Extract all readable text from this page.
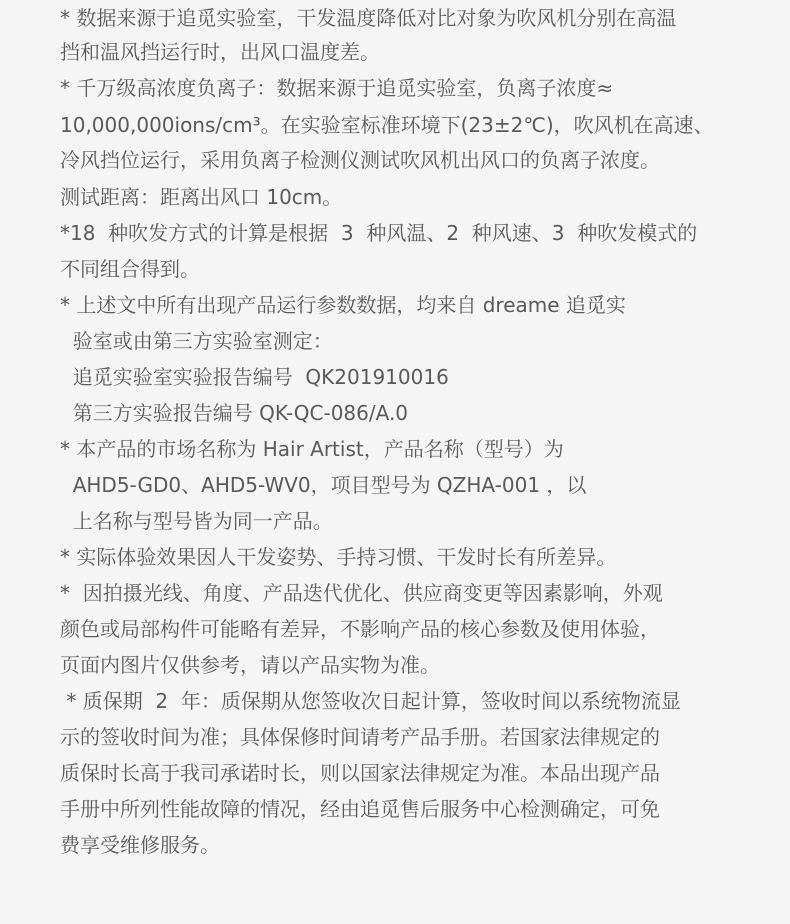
* 数据来源于追觅实验室，干发温度降低对比对象为吹风机分别在高温
挡和温风挡运行时，出风口温度差。
* 千万级高浓度负离子：数据来源于追觅实验室，负离子浓度≈
10,000,000ions/cm³。在实验室标准环境下(23±2℃)，吹风机在高速、
冷风挡位运行，采用负离子检测仪测试吹风机出风口的负离子浓度。
测试距离：距离出风口 10cm。
*18  种吹发方式的计算是根据  3  种风温、2  种风速、3  种吹发模式的
不同组合得到。
* 上述文中所有出现产品运行参数数据，均来自 dreame 追觅实
验室或由第三方实验室测定：
追觅实验室实验报告编号  QK201910016
第三方实验报告编号 QK-QC-086/A.0
* 本产品的市场名称为 Hair Artist，产品名称（型号）为
AHD5-GD0、AHD5-WV0，项目型号为 QZHA-001 ，以
上名称与型号皆为同一产品。
* 实际体验效果因人干发姿势、手持习惯、干发时长有所差异。
*  因拍摄光线、角度、产品迭代优化、供应商变更等因素影响，外观
颜色或局部构件可能略有差异，不影响产品的核心参数及使用体验，
页面内图片仅供参考，请以产品实物为准。
* 质保期  2  年：质保期从您签收次日起计算，签收时间以系统物流显
示的签收时间为准；具体保修时间请考产品手册。若国家法律规定的
质保时长高于我司承诺时长，则以国家法律规定为准。本品出现产品
手册中所列性能故障的情况，经由追觅售后服务中心检测确定，可免
费享受维修服务。
